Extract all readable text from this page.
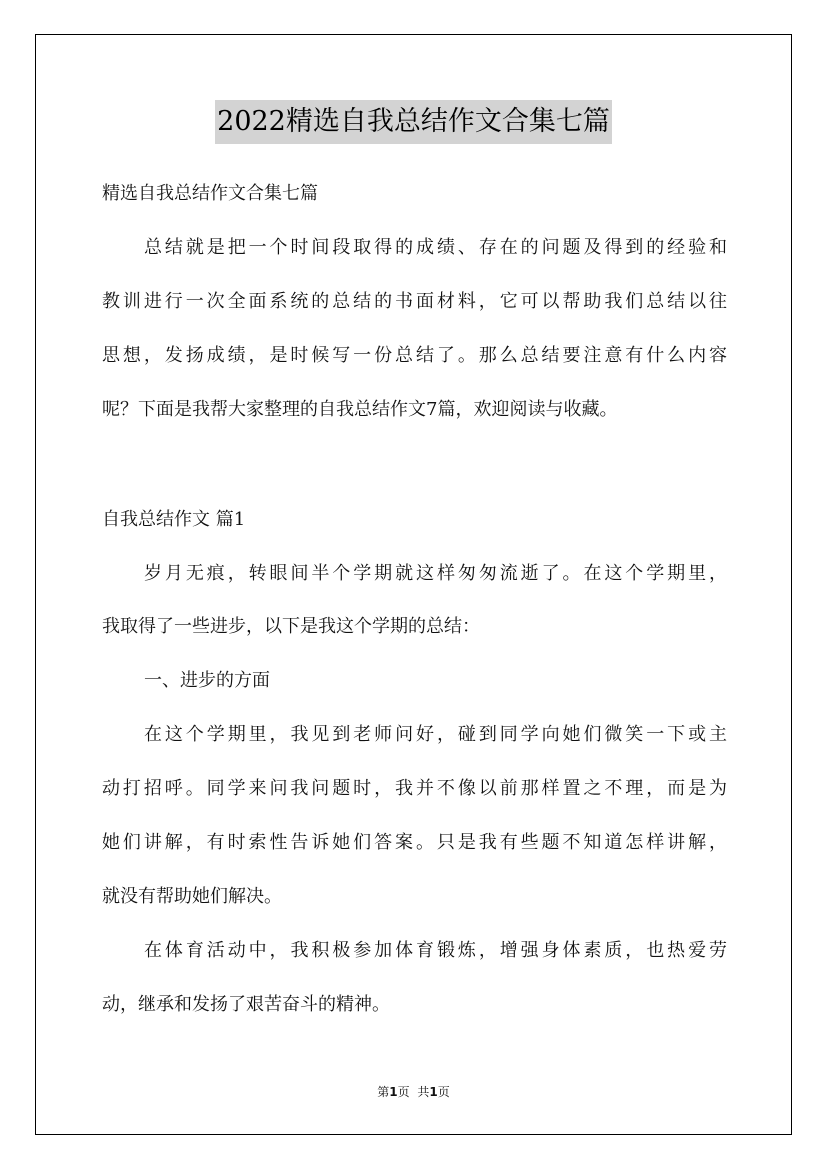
2022精选自我总结作文合集七篇
精选自我总结作文合集七篇
总结就是把一个时间段取得的成绩、存在的问题及得到的经验和
教训进行一次全面系统的总结的书面材料，它可以帮助我们总结以往
思想，发扬成绩，是时候写一份总结了。那么总结要注意有什么内容
呢？下面是我帮大家整理的自我总结作文7篇，欢迎阅读与收藏。
自我总结作文 篇1
岁月无痕，转眼间半个学期就这样匆匆流逝了。在这个学期里，
我取得了一些进步，以下是我这个学期的总结：
一、进步的方面
在这个学期里，我见到老师问好，碰到同学向她们微笑一下或主
动打招呼。同学来问我问题时，我并不像以前那样置之不理，而是为
她们讲解，有时索性告诉她们答案。只是我有些题不知道怎样讲解，
就没有帮助她们解决。
在体育活动中，我积极参加体育锻炼，增强身体素质，也热爱劳
动，继承和发扬了艰苦奋斗的精神。
第1页 共1页
